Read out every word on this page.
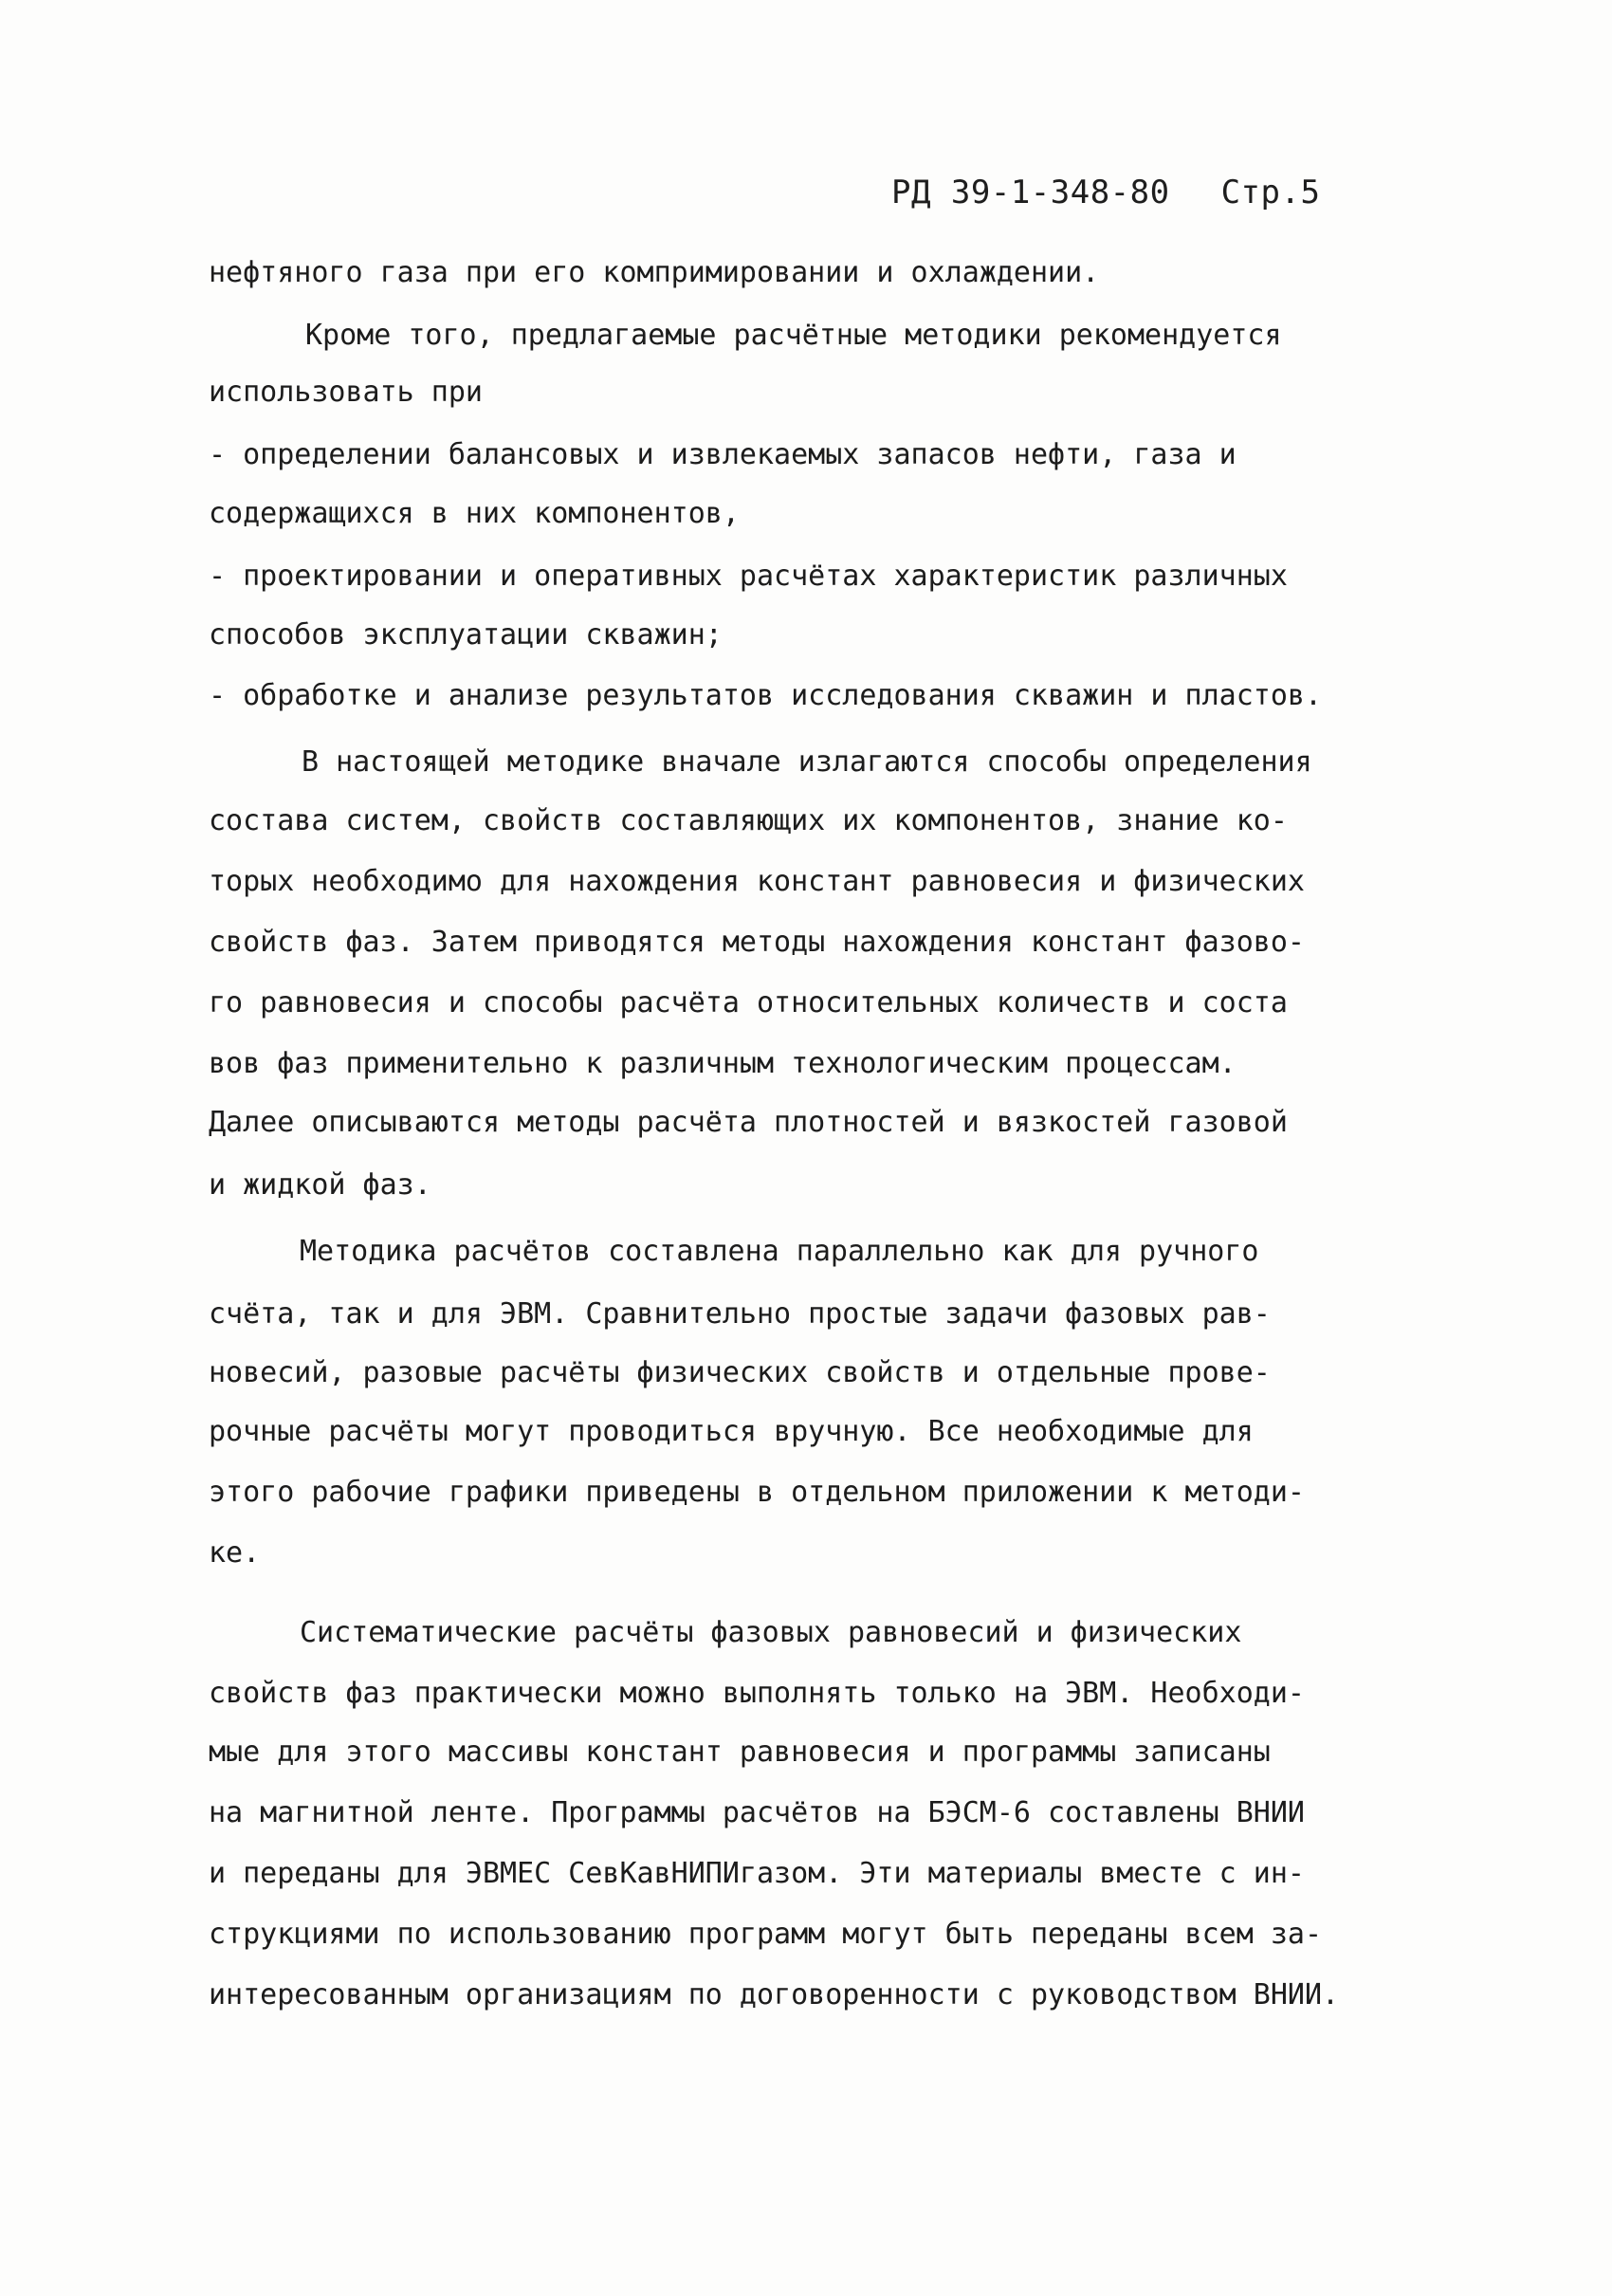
РД 39-1-348-80 Стр.5
нефтяного газа при его компримировании и охлаждении.
Кроме того, предлагаемые расчётные методики рекомендуется
использовать при
- определении балансовых и извлекаемых запасов нефти, газа и
содержащихся в них компонентов,
- проектировании и оперативных расчётах характеристик различных
способов эксплуатации скважин;
- обработке и анализе результатов исследования скважин и пластов.
В настоящей методике вначале излагаются способы определения
состава систем, свойств составляющих их компонентов, знание ко-
торых необходимо для нахождения констант равновесия и физических
свойств фаз. Затем приводятся методы нахождения констант фазово-
го равновесия и способы расчёта относительных количеств и соста
вов фаз применительно к различным технологическим процессам.
Далее описываются методы расчёта плотностей и вязкостей газовой
и жидкой фаз.
Методика расчётов составлена параллельно как для ручного
счёта, так и для ЭВМ. Сравнительно простые задачи фазовых рав-
новесий, разовые расчёты физических свойств и отдельные прове-
рочные расчёты могут проводиться вручную. Все необходимые для
этого рабочие графики приведены в отдельном приложении к методи-
ке.
Систематические расчёты фазовых равновесий и физических
свойств фаз практически можно выполнять только на ЭВМ. Необходи-
мые для этого массивы констант равновесия и программы записаны
на магнитной ленте. Программы расчётов на БЭСМ-6 составлены ВНИИ
и переданы для ЭВМЕС СевКавНИПИгазом. Эти материалы вместе с ин-
струкциями по использованию программ могут быть переданы всем за-
интересованным организациям по договоренности с руководством ВНИИ.
